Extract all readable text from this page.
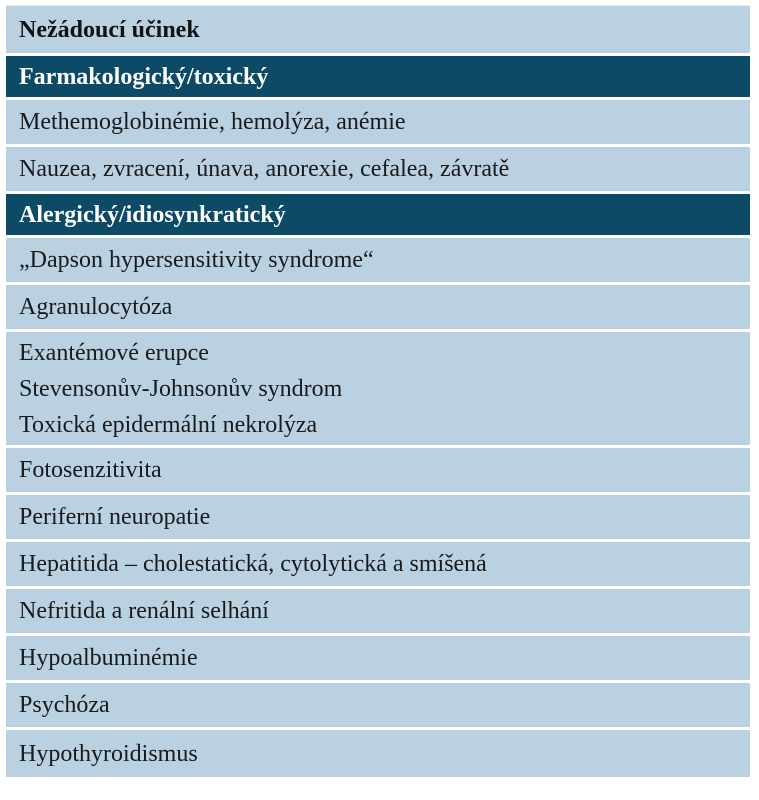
Nežádoucí účinek
Farmakologický/toxický
Methemoglobinémie, hemolýza, anémie
Nauzea, zvracení, únava, anorexie, cefalea, závratě
Alergický/idiosynkratický
„Dapson hypersensitivity syndrome“
Agranulocytóza
Exantémové erupce
Stevensonův-Johnsonův syndrom
Toxická epidermální nekrolýza
Fotosenzitivita
Periferní neuropatie
Hepatitida – cholestatická, cytolytická a smíšená
Nefritida a renální selhání
Hypoalbuminémie
Psychóza
Hypothyroidismus
